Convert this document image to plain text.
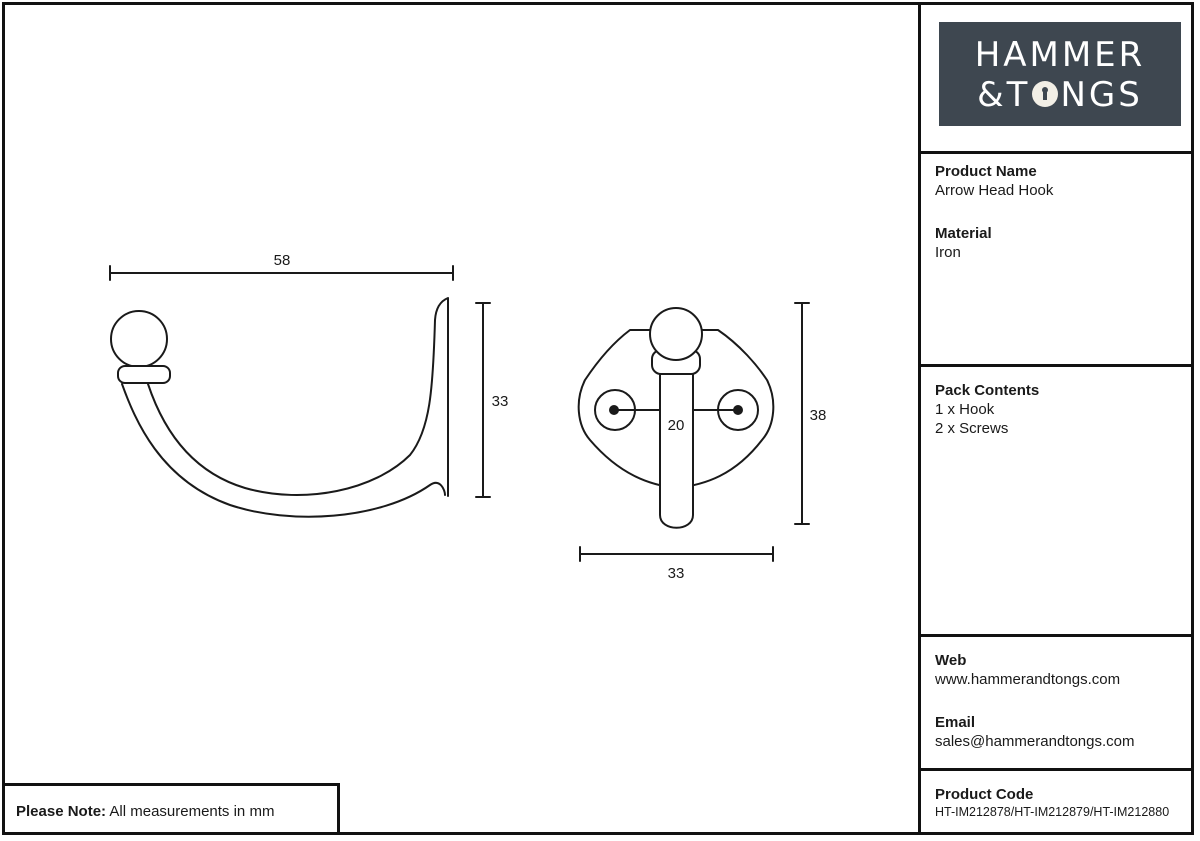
58
33
38
33
20
HAMMER
&T NGS

Product Name

Arrow Head Hook

Material

Iron

Pack Contents

1 x Hook

2 x Screws

Web

www.hammerandtongs.com

Email

sales@hammerandtongs.com

Product Code

HT-IM212878/HT-IM212879/HT-IM212880

Please Note: All measurements in mm
